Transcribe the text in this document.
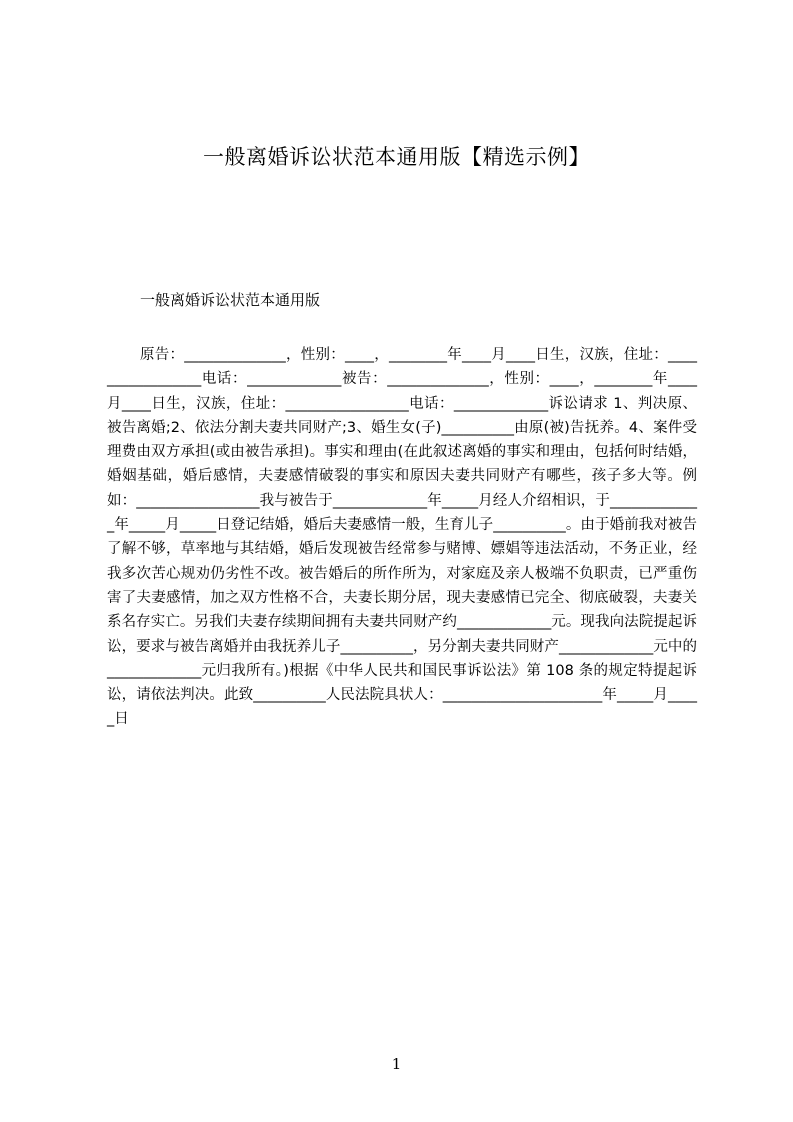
一般离婚诉讼状范本通用版【精选示例】

一般离婚诉讼状范本通用版

原告：______________，性别：____，________年____月____日生，汉族，住址：_________________电话：_____________被告：______________，性别：____，________年____月____日生，汉族，住址：_________________电话：_____________诉讼请求 1、判决原、被告离婚;2、依法分割夫妻共同财产;3、婚生女(子)__________由原(被)告抚养。4、案件受理费由双方承担(或由被告承担)。事实和理由(在此叙述离婚的事实和理由，包括何时结婚，婚姻基础，婚后感情，夫妻感情破裂的事实和原因夫妻共同财产有哪些，孩子多大等。例如：_________________我与被告于_____________年_____月经人介绍相识，于_____________年_____月_____日登记结婚，婚后夫妻感情一般，生育儿子__________。由于婚前我对被告了解不够，草率地与其结婚，婚后发现被告经常参与赌博、嫖娼等违法活动，不务正业，经我多次苦心规劝仍劣性不改。被告婚后的所作所为，对家庭及亲人极端不负职责，已严重伤害了夫妻感情，加之双方性格不合，夫妻长期分居，现夫妻感情已完全、彻底破裂，夫妻关系名存实亡。另我们夫妻存续期间拥有夫妻共同财产约_____________元。现我向法院提起诉讼，要求与被告离婚并由我抚养儿子__________，另分割夫妻共同财产_____________元中的_____________元归我所有。)根据《中华人民共和国民事诉讼法》第 108 条的规定特提起诉讼，请依法判决。此致__________人民法院具状人：______________________年_____月_____日

1
